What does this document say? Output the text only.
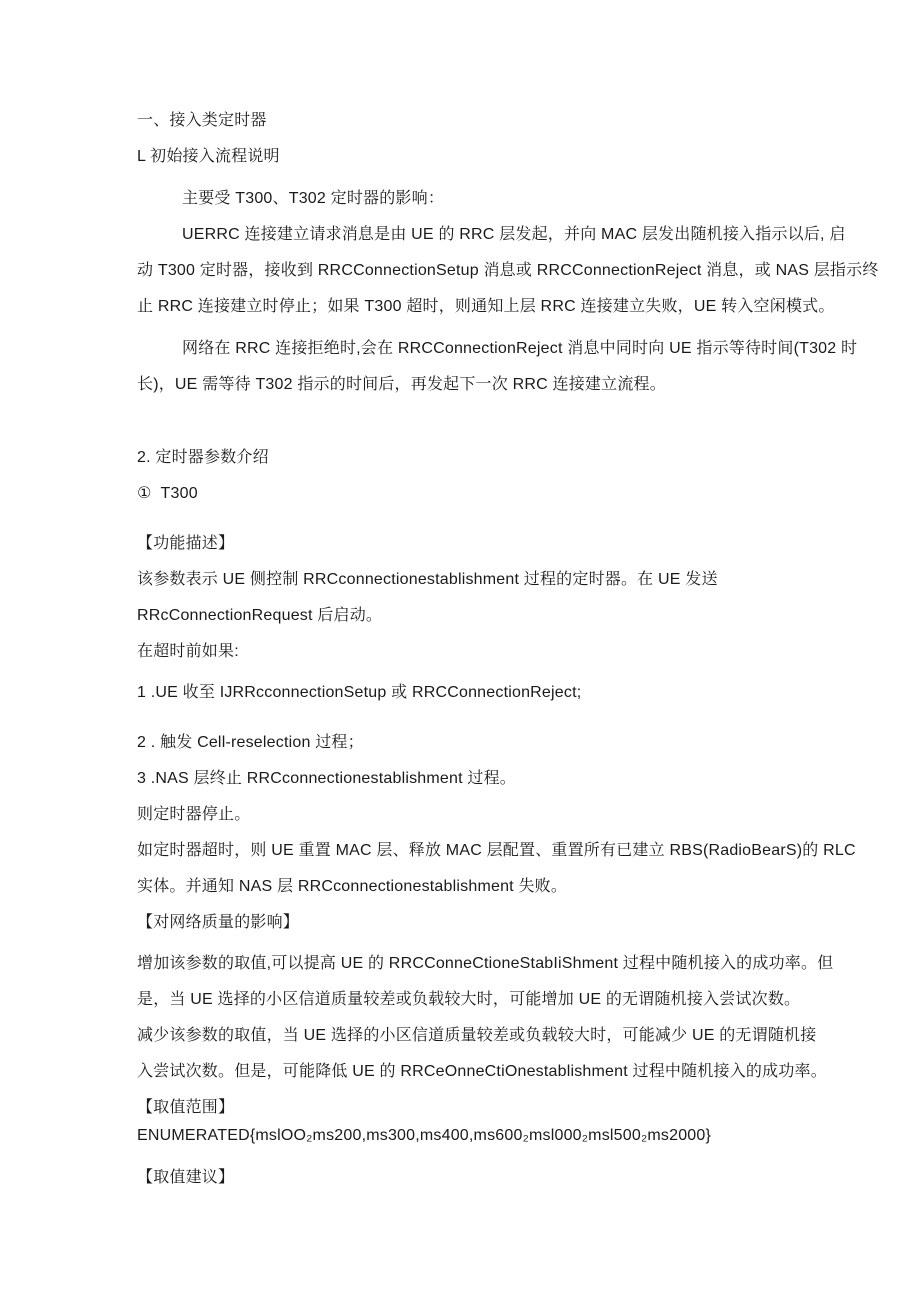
一、接入类定时器
L 初始接入流程说明
主要受 T300、T302 定时器的影响：
UERRC 连接建立请求消息是由 UE 的 RRC 层发起，并向 MAC 层发出随机接入指示以后, 启
动 T300 定时器，接收到 RRCConnectionSetup 消息或 RRCConnectionReject 消息，或 NAS 层指示终
止 RRC 连接建立时停止；如果 T300 超时，则通知上层 RRC 连接建立失败，UE 转入空闲模式。
网络在 RRC 连接拒绝时,会在 RRCConnectionReject 消息中同时向 UE 指示等待时间(T302 时
长)，UE 需等待 T302 指示的时间后，再发起下一次 RRC 连接建立流程。
2. 定时器参数介绍
①  T300
【功能描述】
该参数表示 UE 侧控制 RRCconnectionestablishment 过程的定时器。在 UE 发送
RRcConnectionRequest 后启动。
在超时前如果:
1 .UE 收至 IJRRcconnectionSetup 或 RRCConnectionReject;
2 . 触发 Cell-reselection 过程；
3 .NAS 层终止 RRCconnectionestablishment 过程。
则定时器停止。
如定时器超时，则 UE 重置 MAC 层、释放 MAC 层配置、重置所有已建立 RBS(RadioBearS)的 RLC
实体。并通知 NAS 层 RRCconnectionestablishment 失败。
【对网络质量的影响】
增加该参数的取值,可以提高 UE 的 RRCConneCtioneStabIiShment 过程中随机接入的成功率。但
是，当 UE 选择的小区信道质量较差或负载较大时，可能增加 UE 的无谓随机接入尝试次数。
减少该参数的取值，当 UE 选择的小区信道质量较差或负载较大时，可能减少 UE 的无谓随机接
入尝试次数。但是，可能降低 UE 的 RRCeOnneCtiOnestablishment 过程中随机接入的成功率。
【取值范围】
ENUMERATED{mslOO₂ms200,ms300,ms400,ms600₂msl000₂msl500₂ms2000}
【取值建议】
